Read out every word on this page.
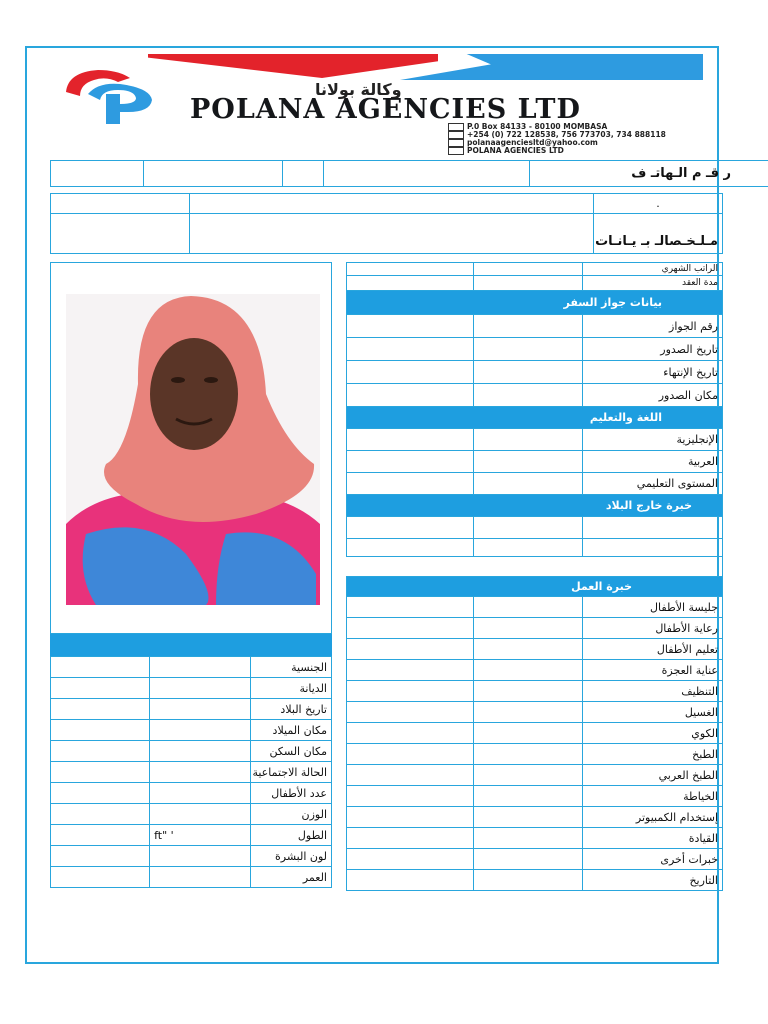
وكالة بولانا
POLANA AGENCIES LTD
P.0 Box 84133 - 80100 MOMBASA
+254 (0) 722 128538, 756 773703, 734 888118
polanaagenciesltd@yahoo.com
POLANA AGENCIES LTD
				ر قـ م الـهاتـ ف
		.
		مـلـخـصالـ بـ يـانـات
		الجنسية
		الديانة
		تاريخ البلاد
		مكان الميلاد
		مكان السكن
		الحالة الاجتماعية
		عدد الأطفال
		الوزن
	' "ft	الطول
		لون البشرة
		العمر
		الراتب الشهري
		مدة العقد
بيانات جواز السفر		
		رقم الجواز
		تاريخ الصدور
		تاريخ الإنتهاء
		مكان الصدور
اللغة والتعليم		
		الإنجليزية
		العربية
		المستوى التعليمي
خبرة خارج البلاد		

خبرة العمل		
		جليسة الأطفال
		رعاية الأطفال
		تعليم الأطفال
		عناية العجزة
		التنظيف
		الغسيل
		الكوي
		الطبخ
		الطبخ العربي
		الخياطة
		إستخدام الكمبيوتر
		القيادة
		خبرات أخرى
		التاريخ
